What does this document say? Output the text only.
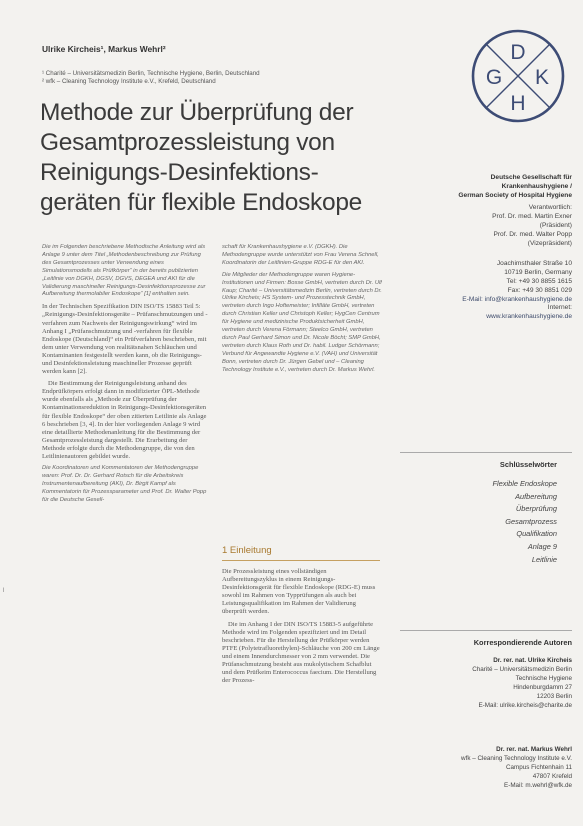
Ulrike Kircheis¹, Markus Wehrl²
¹ Charité – Universitätsmedizin Berlin, Technische Hygiene, Berlin, Deutschland
² wfk – Cleaning Technology Institute e.V., Krefeld, Deutschland
Methode zur Überprüfung der
Gesamtprozessleistung von
Reinigungs-Desinfektions-
geräten für flexible Endoskope
D
G K
H
Deutsche Gesellschaft für
Krankenhaushygiene /
German Society of Hospital Hygiene
Verantwortlich:
Prof. Dr. med. Martin Exner
(Präsident)
Prof. Dr. med. Walter Popp
(Vizepräsident)
Joachimsthaler Straße 10
10719 Berlin, Germany
Tel: +49 30 8855 1615
Fax: +49 30 8851 029
E-Mail: info@krankenhaushygiene.de
Internet:
www.krankenhaushygiene.de
Schlüsselwörter
Flexible Endoskope
Aufbereitung
Überprüfung
Gesamtprozess
Qualifikation
Anlage 9
Leitlinie
Korrespondierende Autoren
Dr. rer. nat. Ulrike Kircheis
Charité – Universitätsmedizin Berlin
Technische Hygiene
Hindenburgdamm 27
12203 Berlin
E-Mail: ulrike.kircheis@charite.de
Dr. rer. nat. Markus Wehrl
wfk – Cleaning Technology Institute e.V.
Campus Fichtenhain 11
47807 Krefeld
E-Mail: m.wehrl@wfk.de

Die im Folgenden beschriebene Methodische Anleitung wird als Anlage 9 unter dem Titel „Methodenbeschreibung zur Prüfung des Gesamtprozesses unter Verwendung eines Simulationsmodells als Prüfkörper“ in der bereits publizierten „Leitlinie von DGKH, DGSV, DGVS, DEGEA und AKI für die Validierung maschineller Reinigungs-Desinfektionsprozesse zur Aufbereitung thermolabiler Endoskope“ [1] enthalten sein.

In der Technischen Spezifikation DIN ISO/TS 15883 Teil 5: „Reinigungs-Desinfektionsgeräte – Prüfanschmutzungen und -verfahren zum Nachweis der Reinigungswirkung“ wird im Anhang I „Prüfanschmutzung und -verfahren für flexible Endoskope (Deutschland)“ ein Prüfverfahren beschrieben, mit dem unter Verwendung von realitätsnahen Schläuchen und Kontaminanten festgestellt werden kann, ob die Reinigungs- und Desinfektionsleistung maschineller Prozesse geprüft werden kann [2].

Die Bestimmung der Reinigungsleistung anhand des Endprüfkörpers erfolgt dann in modifizierter ÖPL-Methode wurde ebenfalls als „Methode zur Überprüfung der Kontaminationsreduktion in Reinigungs-Desinfektionsgeräten für flexible Endoskope“ der oben zitierten Leitlinie als Anlage 6 beschrieben [3, 4]. In der hier vorliegenden Anlage 9 wird eine detaillierte Methodenanleitung für die Bestimmung der Gesamtprozessleistung dargestellt. Die Erarbeitung der Methode erfolgte durch die Methodengruppe, die von den Leitlinienautoren gebildet wurde.

Die Koordinatoren und Kommentatoren der Methodengruppe waren: Prof. Dr. Dr. Gerhard Rotsch für die Arbeitskreis Instrumentenaufbereitung (AKI), Dr. Birgit Kampf als Kommentatorin für Prozessparameter und Prof. Dr. Walter Popp für die Deutsche Gesell-

schaft für Krankenhaushygiene e.V. (DGKH). Die Methodengruppe wurde unterstützt von Frau Verena Schnell, Koordinatorin der Leitlinien-Gruppe RDG-E für den AKI.

Die Mitglieder der Methodengruppe waren Hygiene-Institutionen und Firmen: Bosse GmbH, vertreten durch Dr. Ulf Kaup; Charité – Universitätsmedizin Berlin, vertreten durch Dr. Ulrike Kircheis; HS System- und Prozesstechnik GmbH, vertreten durch Ingo Hoftemeister; Infilläte GmbH, vertreten durch Christian Keller und Christoph Keller; HygCen Centrum für Hygiene und medizinische Produktsicherheit GmbH, vertreten durch Verena Förmann; Steelco GmbH, vertreten durch Paul Gerhard Simon und Dr. Nicole Böcht; SMP GmbH, vertreten durch Klaus Roth und Dr. habil. Ludger Schörmann; Verbund für Angewandte Hygiene e.V. (VAH) und Universität Bonn, vertreten durch Dr. Jürgen Gebel und – Cleaning Technology Institute e.V., vertreten durch Dr. Markus Wehrl.

1 Einleitung

Die Prozessleistung eines vollständigen Aufbereitungszyklus in einem Reinigungs-Desinfektionsgerät für flexible Endoskope (RDG-E) muss sowohl im Rahmen von Typprüfungen als auch bei Leistungsqualifikation im Rahmen der Validierung überprüft werden.

Die im Anhang I der DIN ISO/TS 15883-5 aufgeführte Methode wird im Folgenden spezifiziert und im Detail beschrieben. Für die Herstellung der Prüfkörper werden PTFE (Polytetrafluorethylen)-Schläuche von 200 cm Länge und einem Innendurchmesser von 2 mm verwendet. Die Prüfanschmutzung besteht aus mukolytischem Schafblut und dem Prüfkeim Enterococcus faecium. Die Herstellung der Prozess-

l
